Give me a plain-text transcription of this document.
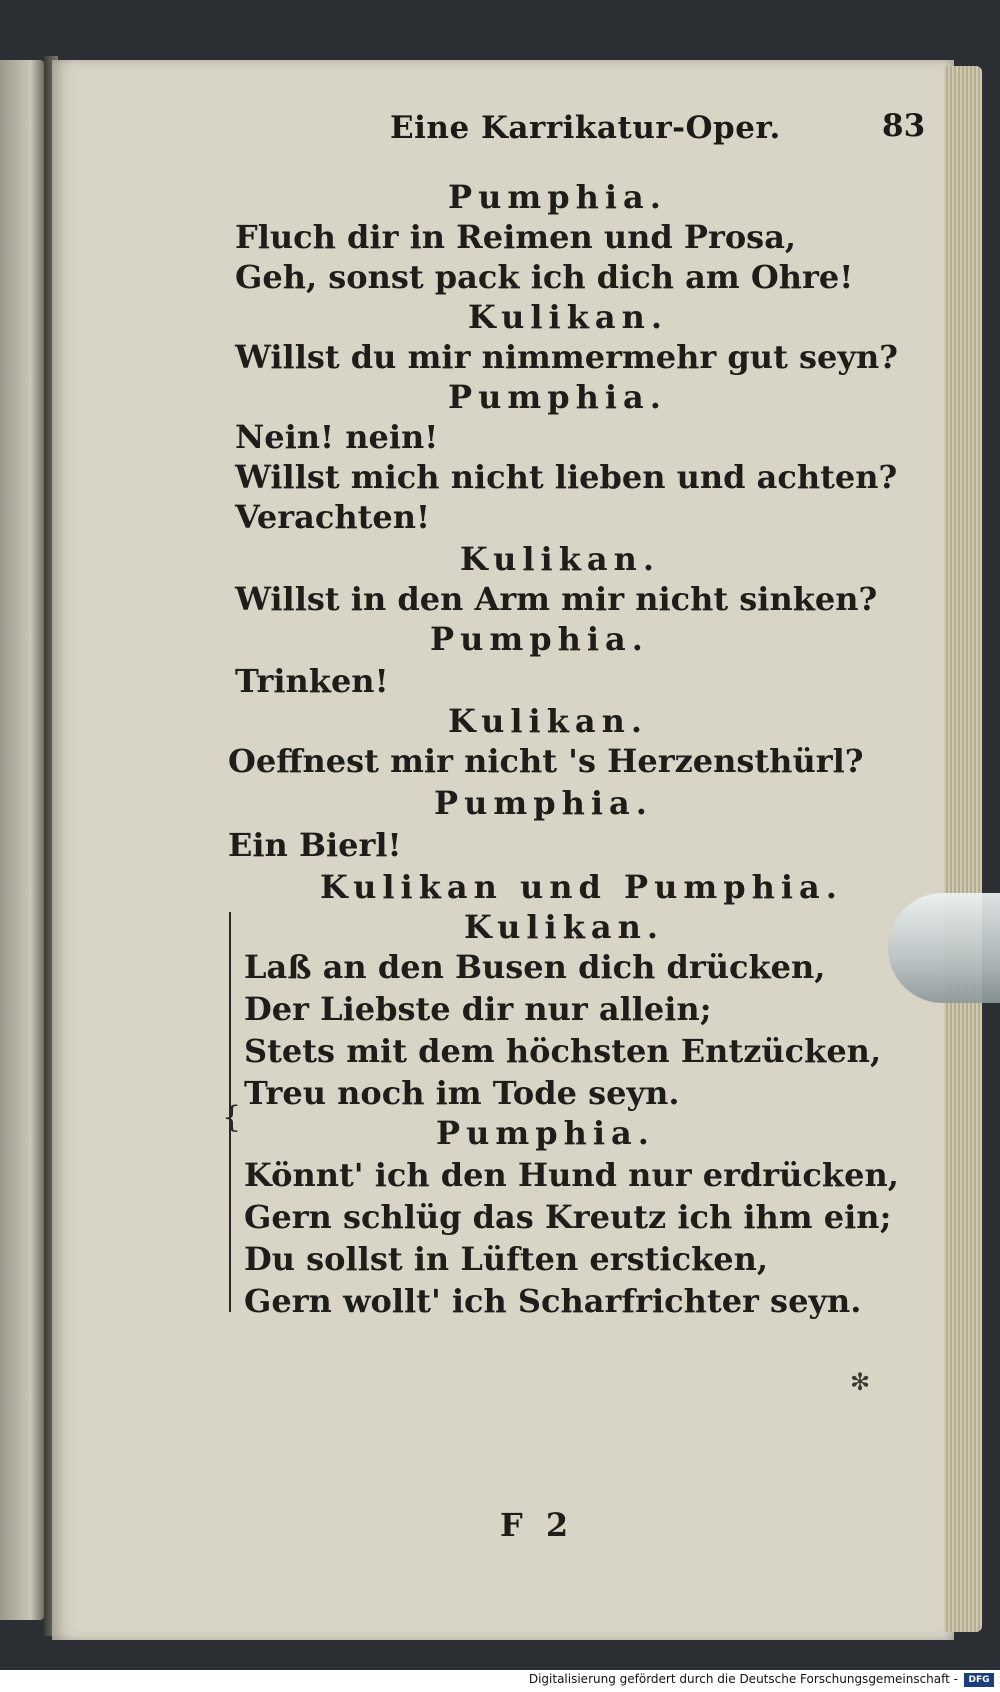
Eine Karrikatur-Oper.	83
Pumphia.
Fluch dir in Reimen und Prosa,
Geh, sonst pack ich dich am Ohre!
Kulikan.
Willst du mir nimmermehr gut seyn?
Pumphia.
Nein! nein!
Willst mich nicht lieben und achten?
Verachten!
Kulikan.
Willst in den Arm mir nicht sinken?
Pumphia.
Trinken!
Kulikan.
Oeffnest mir nicht 's Herzensthürl?
Pumphia.
Ein Bierl!
Kulikan und Pumphia.
{
Kulikan.
Laß an den Busen dich drücken,
Der Liebste dir nur allein;
Stets mit dem höchsten Entzücken,
Treu noch im Tode seyn.
Pumphia.
Könnt' ich den Hund nur erdrücken,
Gern schlüg das Kreutz ich ihm ein;
Du sollst in Lüften ersticken,
Gern wollt' ich Scharfrichter seyn.
✻
F 2
Digitalisierung gefördert durch die Deutsche Forschungsgemeinschaft -	DFG
